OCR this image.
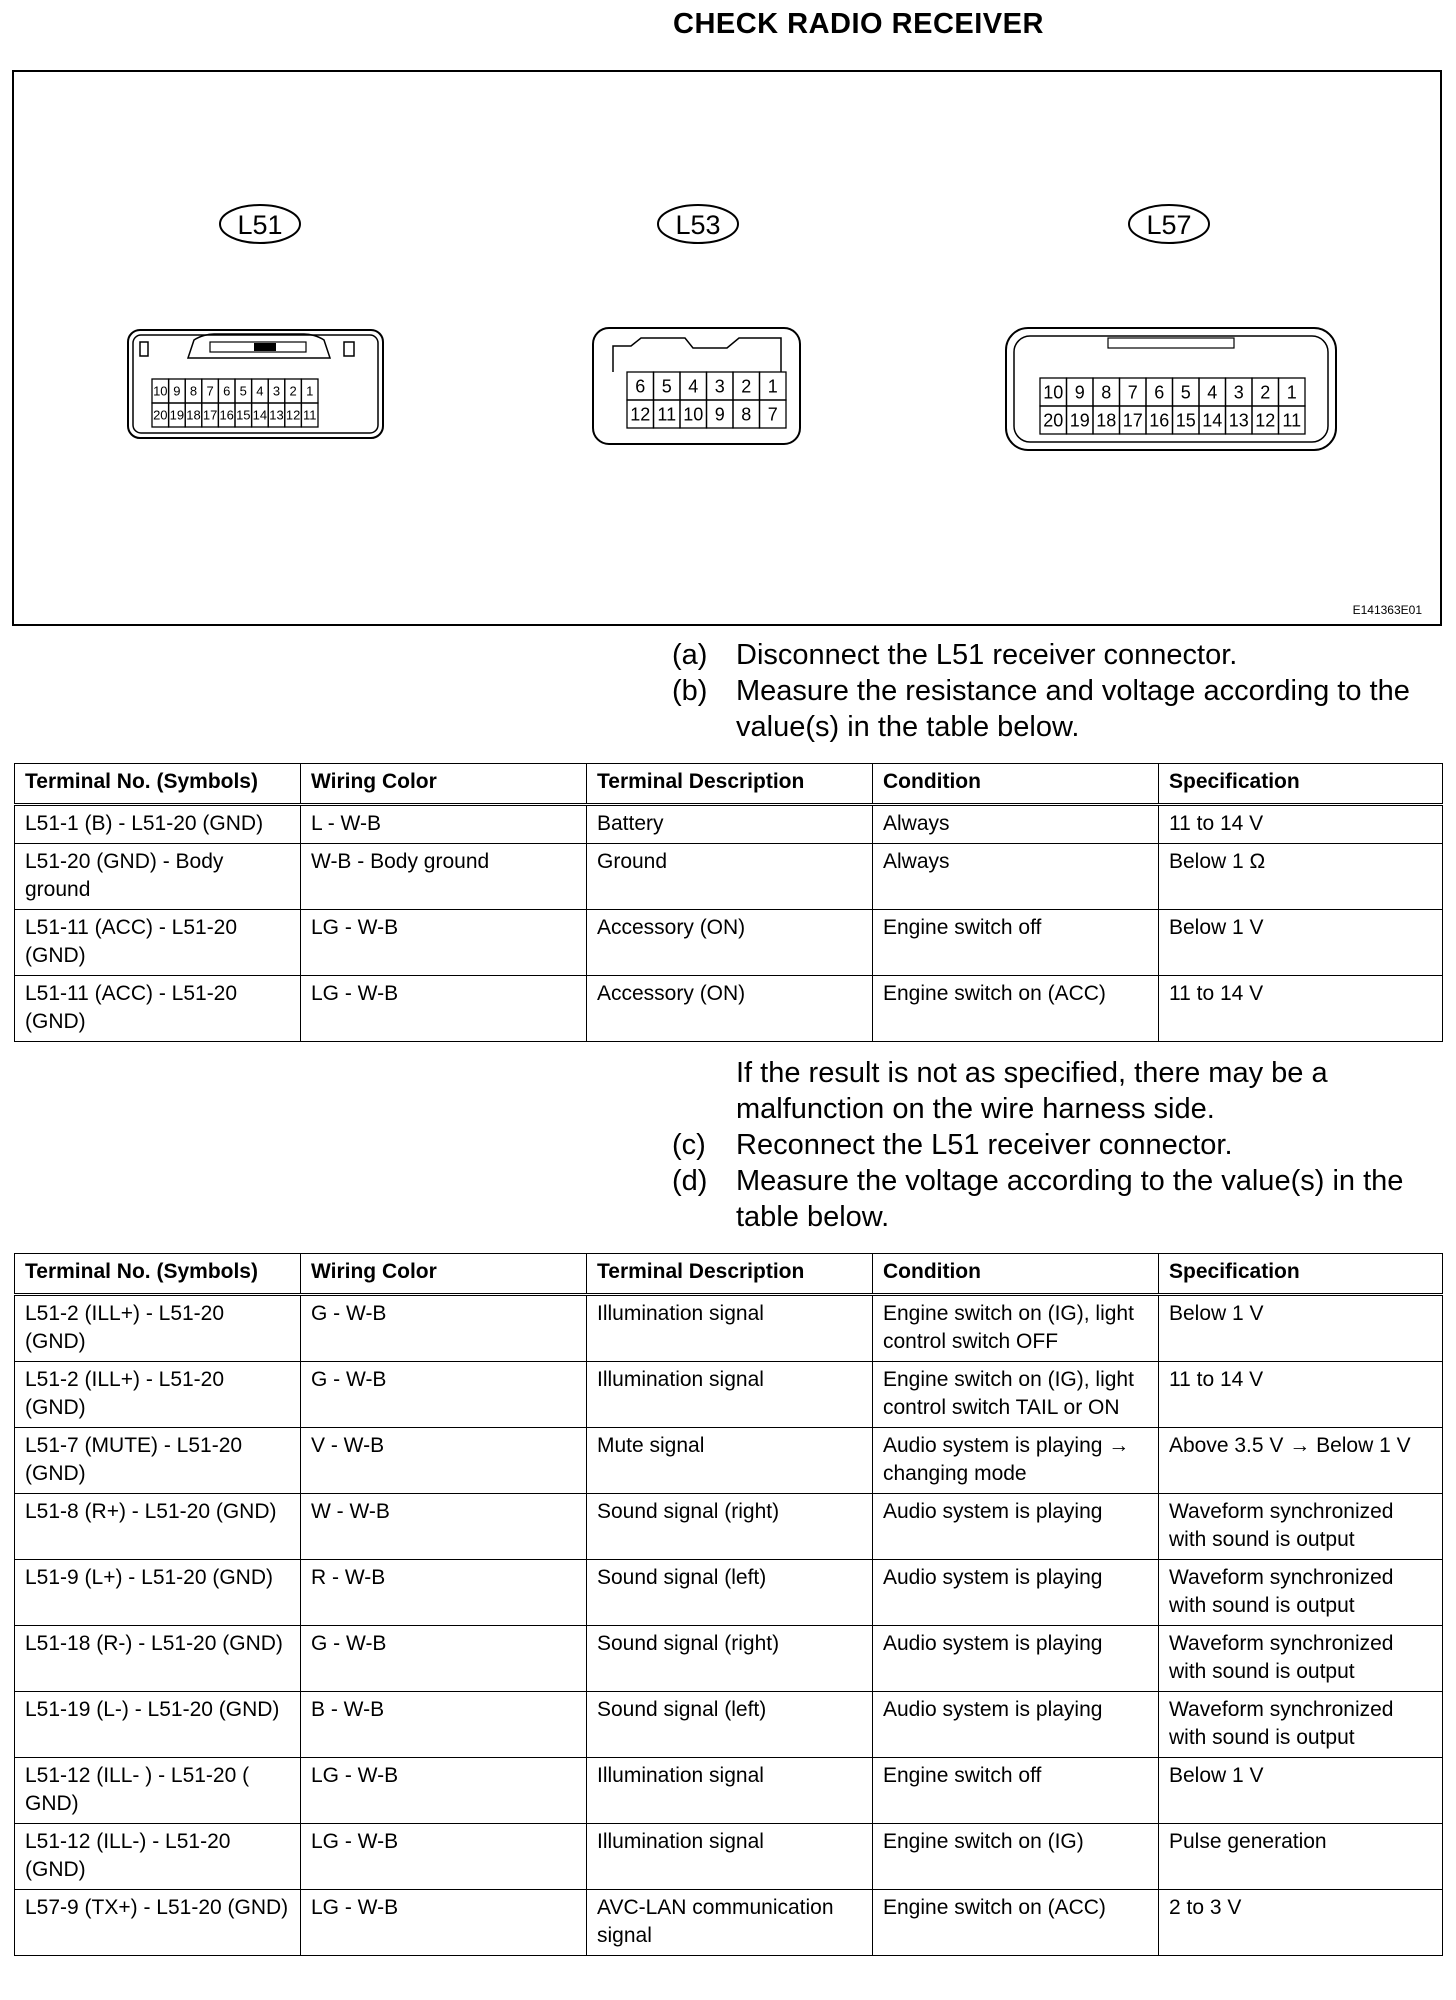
CHECK RADIO RECEIVER
L51
10 9 8 7 6 5 4 3 2 1
20 19 18 17 16 15 14 13 12 11
L53
6 5 4 3 2 1
12 11 10 9 8 7
L57
10 9 8 7 6 5 4 3 2 1
20 19 18 17 16 15 14 13 12 11
E141363E01
(a) Disconnect the L51 receiver connector.
(b) Measure the resistance and voltage according to the value(s) in the table below.
Terminal No. (Symbols)	Wiring Color	Terminal Description	Condition	Specification
L51-1 (B) - L51-20 (GND)	L - W-B	Battery	Always	11 to 14 V
L51-20 (GND) - Body ground	W-B - Body ground	Ground	Always	Below 1 Ω
L51-11 (ACC) - L51-20 (GND)	LG - W-B	Accessory (ON)	Engine switch off	Below 1 V
L51-11 (ACC) - L51-20 (GND)	LG - W-B	Accessory (ON)	Engine switch on (ACC)	11 to 14 V
If the result is not as specified, there may be a malfunction on the wire harness side.
(c) Reconnect the L51 receiver connector.
(d) Measure the voltage according to the value(s) in the table below.
Terminal No. (Symbols)	Wiring Color	Terminal Description	Condition	Specification
L51-2 (ILL+) - L51-20 (GND)	G - W-B	Illumination signal	Engine switch on (IG), light control switch OFF	Below 1 V
L51-2 (ILL+) - L51-20 (GND)	G - W-B	Illumination signal	Engine switch on (IG), light control switch TAIL or ON	11 to 14 V
L51-7 (MUTE) - L51-20 (GND)	V - W-B	Mute signal	Audio system is playing → changing mode	Above 3.5 V → Below 1 V
L51-8 (R+) - L51-20 (GND)	W - W-B	Sound signal (right)	Audio system is playing	Waveform synchronized with sound is output
L51-9 (L+) - L51-20 (GND)	R - W-B	Sound signal (left)	Audio system is playing	Waveform synchronized with sound is output
L51-18 (R-) - L51-20 (GND)	G - W-B	Sound signal (right)	Audio system is playing	Waveform synchronized with sound is output
L51-19 (L-) - L51-20 (GND)	B - W-B	Sound signal (left)	Audio system is playing	Waveform synchronized with sound is output
L51-12 (ILL- ) - L51-20 ( GND)	LG - W-B	Illumination signal	Engine switch off	Below 1 V
L51-12 (ILL-) - L51-20 (GND)	LG - W-B	Illumination signal	Engine switch on (IG)	Pulse generation
L57-9 (TX+) - L51-20 (GND)	LG - W-B	AVC-LAN communication signal	Engine switch on (ACC)	2 to 3 V
